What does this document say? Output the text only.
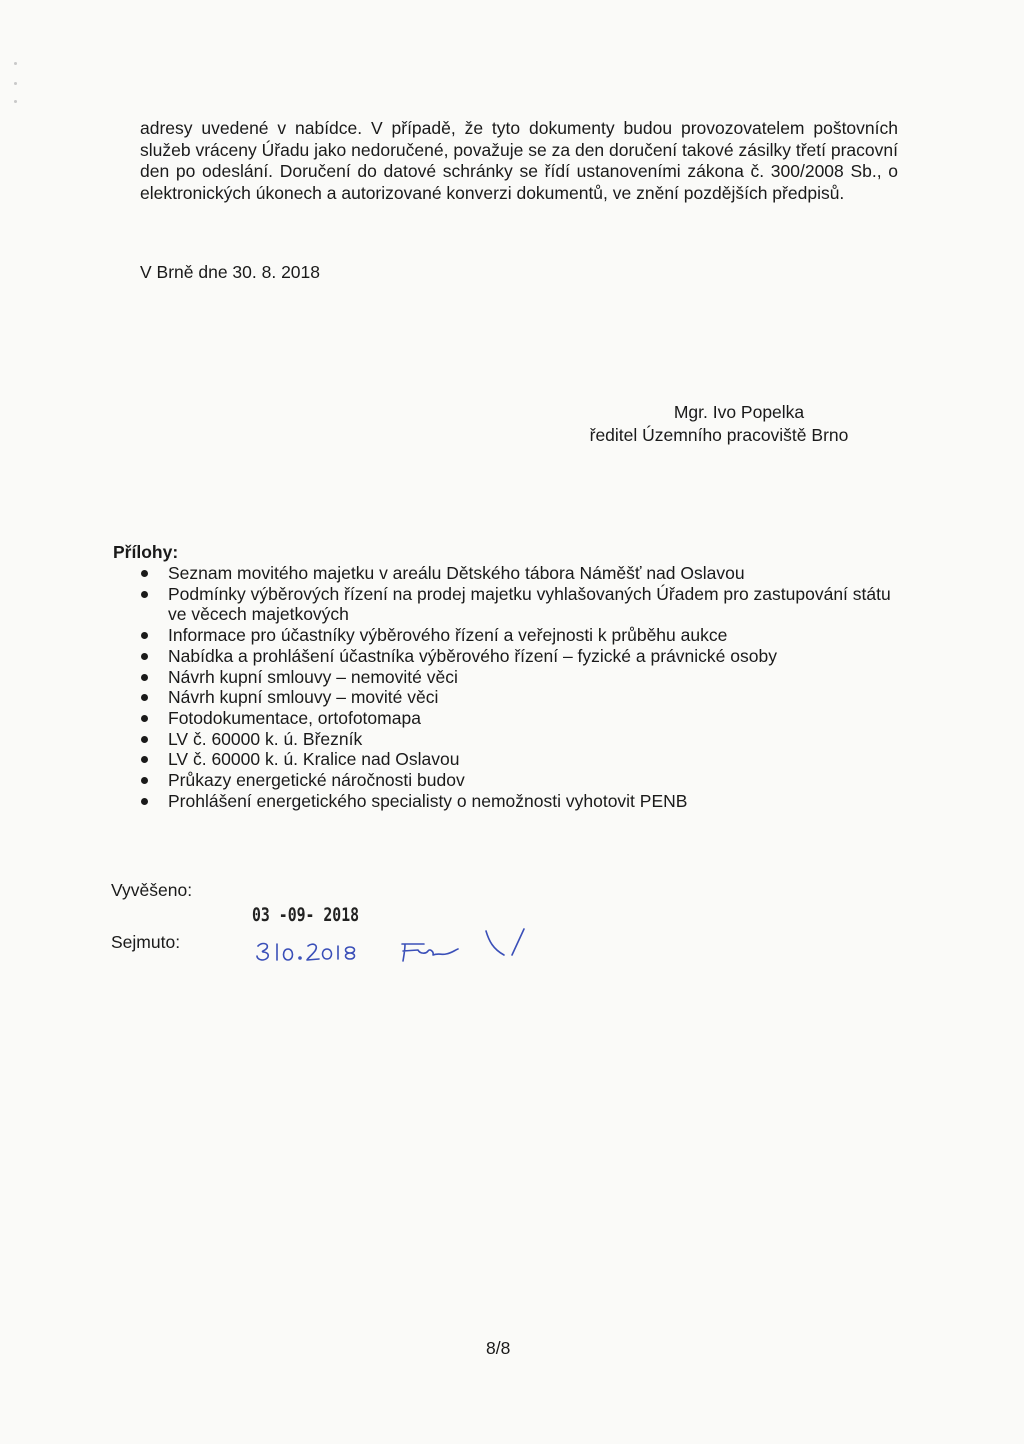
adresy uvedené v nabídce. V případě, že tyto dokumenty budou provozovatelem poštovních služeb vráceny Úřadu jako nedoručené, považuje se za den doručení takové zásilky třetí pracovní den po odeslání. Doručení do datové schránky se řídí ustanoveními zákona č. 300/2008 Sb., o elektronických úkonech a autorizované konverzi dokumentů, ve znění pozdějších předpisů.

V Brně dne 30. 8. 2018

Mgr. Ivo Popelka
ředitel Územního pracoviště Brno

Přílohy:

Seznam movitého majetku v areálu Dětského tábora Náměšť nad Oslavou
Podmínky výběrových řízení na prodej majetku vyhlašovaných Úřadem pro zastupování státu ve věcech majetkových
Informace pro účastníky výběrového řízení a veřejnosti k průběhu aukce
Nabídka a prohlášení účastníka výběrového řízení – fyzické a právnické osoby
Návrh kupní smlouvy – nemovité věci
Návrh kupní smlouvy – movité věci
Fotodokumentace, ortofotomapa
LV č. 60000 k. ú. Březník
LV č. 60000 k. ú. Kralice nad Oslavou
Průkazy energetické náročnosti budov
Prohlášení energetického specialisty o nemožnosti vyhotovit PENB

Vyvěšeno:

03 -09- 2018

Sejmuto:

8/8
